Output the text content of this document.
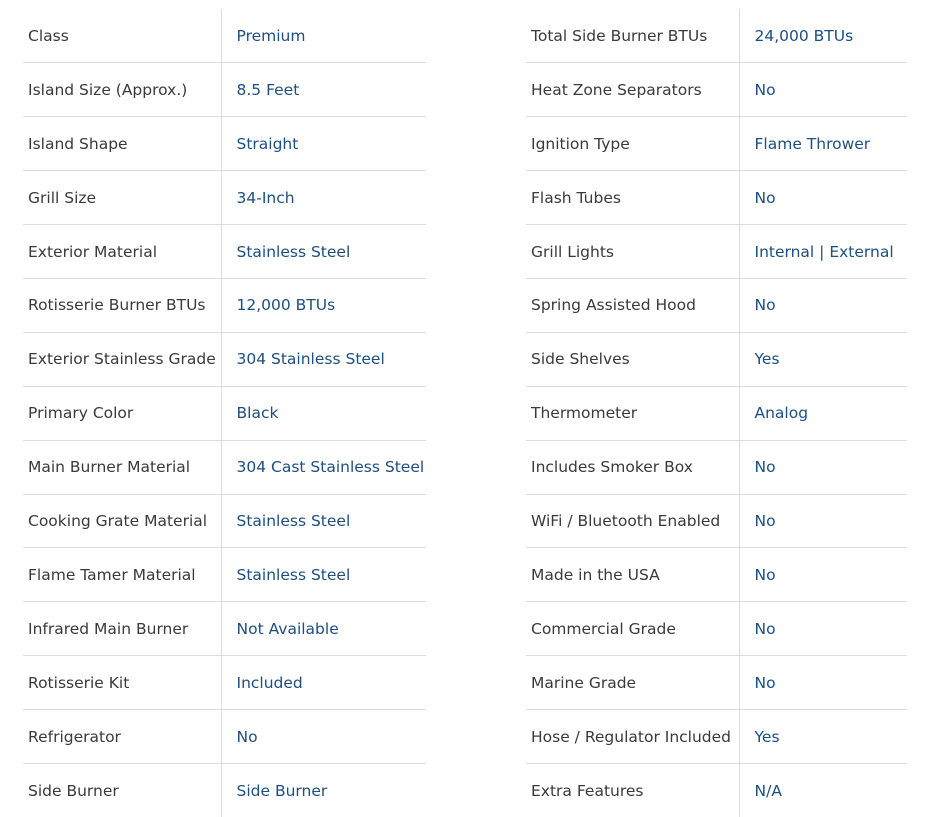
Class	Premium
Island Size (Approx.)	8.5 Feet
Island Shape	Straight
Grill Size	34-Inch
Exterior Material	Stainless Steel
Rotisserie Burner BTUs	12,000 BTUs
Exterior Stainless Grade	304 Stainless Steel
Primary Color	Black
Main Burner Material	304 Cast Stainless Steel
Cooking Grate Material	Stainless Steel
Flame Tamer Material	Stainless Steel
Infrared Main Burner	Not Available
Rotisserie Kit	Included
Refrigerator	No
Side Burner	Side Burner
Total Side Burner BTUs	24,000 BTUs
Heat Zone Separators	No
Ignition Type	Flame Thrower
Flash Tubes	No
Grill Lights	Internal | External
Spring Assisted Hood	No
Side Shelves	Yes
Thermometer	Analog
Includes Smoker Box	No
WiFi / Bluetooth Enabled	No
Made in the USA	No
Commercial Grade	No
Marine Grade	No
Hose / Regulator Included	Yes
Extra Features	N/A
